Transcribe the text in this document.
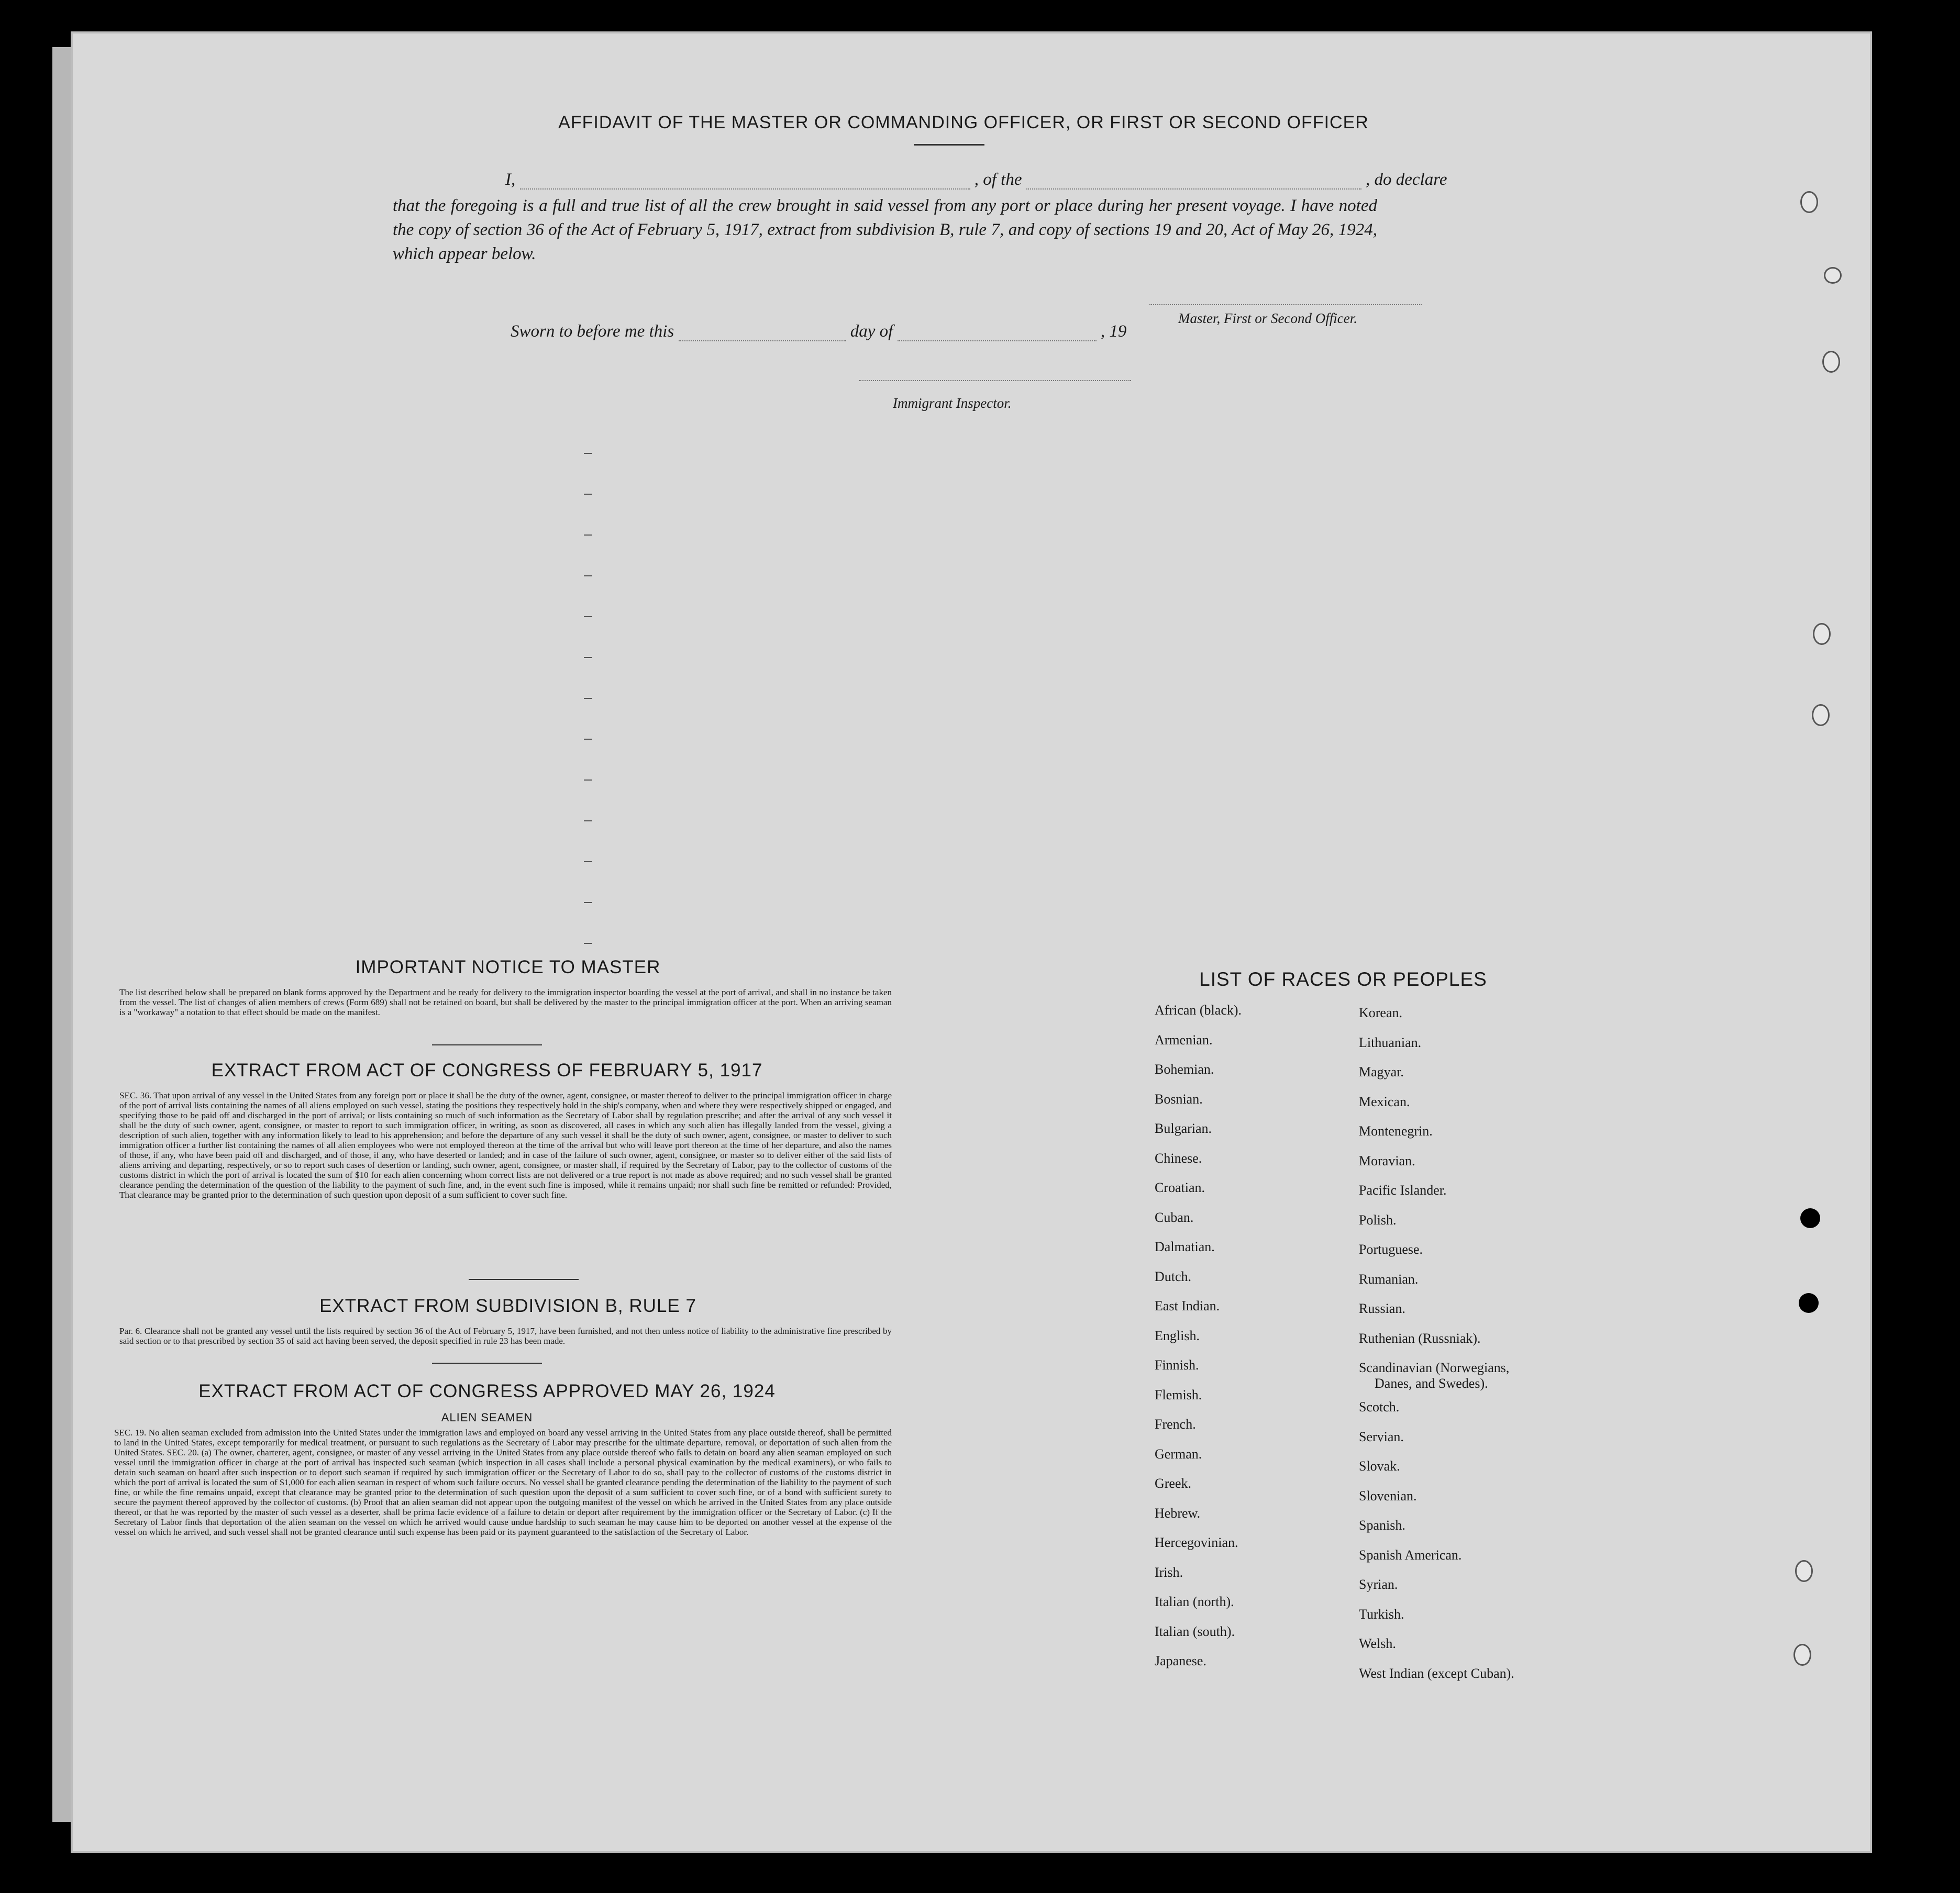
AFFIDAVIT OF THE MASTER OR COMMANDING OFFICER, OR FIRST OR SECOND OFFICER
I,	, of the	, do declare
that the foregoing is a full and true list of all the crew brought in said vessel from any port or place during her present voyage. I have noted the copy of section 36 of the Act of February 5, 1917, extract from subdivision B, rule 7, and copy of sections 19 and 20, Act of May 26, 1924, which appear below.
Master, First or Second Officer.
Sworn to before me this	day of	, 19
Immigrant Inspector.
IMPORTANT NOTICE TO MASTER
The list described below shall be prepared on blank forms approved by the Department and be ready for delivery to the immigration inspector boarding the vessel at the port of arrival, and shall in no instance be taken from the vessel. The list of changes of alien members of crews (Form 689) shall not be retained on board, but shall be delivered by the master to the principal immigration officer at the port. When an arriving seaman is a "workaway" a notation to that effect should be made on the manifest.
EXTRACT FROM ACT OF CONGRESS OF FEBRUARY 5, 1917
SEC. 36. That upon arrival of any vessel in the United States from any foreign port or place it shall be the duty of the owner, agent, consignee, or master thereof to deliver to the principal immigration officer in charge of the port of arrival lists containing the names of all aliens employed on such vessel, stating the positions they respectively hold in the ship's company, when and where they were respectively shipped or engaged, and specifying those to be paid off and discharged in the port of arrival; or lists containing so much of such information as the Secretary of Labor shall by regulation prescribe; and after the arrival of any such vessel it shall be the duty of such owner, agent, consignee, or master to report to such immigration officer, in writing, as soon as discovered, all cases in which any such alien has illegally landed from the vessel, giving a description of such alien, together with any information likely to lead to his apprehension; and before the departure of any such vessel it shall be the duty of such owner, agent, consignee, or master to deliver to such immigration officer a further list containing the names of all alien employees who were not employed thereon at the time of the arrival but who will leave port thereon at the time of her departure, and also the names of those, if any, who have been paid off and discharged, and of those, if any, who have deserted or landed; and in case of the failure of such owner, agent, consignee, or master so to deliver either of the said lists of aliens arriving and departing, respectively, or so to report such cases of desertion or landing, such owner, agent, consignee, or master shall, if required by the Secretary of Labor, pay to the collector of customs of the customs district in which the port of arrival is located the sum of $10 for each alien concerning whom correct lists are not delivered or a true report is not made as above required; and no such vessel shall be granted clearance pending the determination of the question of the liability to the payment of such fine, and, in the event such fine is imposed, while it remains unpaid; nor shall such fine be remitted or refunded: Provided, That clearance may be granted prior to the determination of such question upon deposit of a sum sufficient to cover such fine.
EXTRACT FROM SUBDIVISION B, RULE 7
Par. 6. Clearance shall not be granted any vessel until the lists required by section 36 of the Act of February 5, 1917, have been furnished, and not then unless notice of liability to the administrative fine prescribed by said section or to that prescribed by section 35 of said act having been served, the deposit specified in rule 23 has been made.
EXTRACT FROM ACT OF CONGRESS APPROVED MAY 26, 1924
ALIEN SEAMEN
SEC. 19. No alien seaman excluded from admission into the United States under the immigration laws and employed on board any vessel arriving in the United States from any place outside thereof, shall be permitted to land in the United States, except temporarily for medical treatment, or pursuant to such regulations as the Secretary of Labor may prescribe for the ultimate departure, removal, or deportation of such alien from the United States. SEC. 20. (a) The owner, charterer, agent, consignee, or master of any vessel arriving in the United States from any place outside thereof who fails to detain on board any alien seaman employed on such vessel until the immigration officer in charge at the port of arrival has inspected such seaman (which inspection in all cases shall include a personal physical examination by the medical examiners), or who fails to detain such seaman on board after such inspection or to deport such seaman if required by such immigration officer or the Secretary of Labor to do so, shall pay to the collector of customs of the customs district in which the port of arrival is located the sum of $1,000 for each alien seaman in respect of whom such failure occurs. No vessel shall be granted clearance pending the determination of the liability to the payment of such fine, or while the fine remains unpaid, except that clearance may be granted prior to the determination of such question upon the deposit of a sum sufficient to cover such fine, or of a bond with sufficient surety to secure the payment thereof approved by the collector of customs. (b) Proof that an alien seaman did not appear upon the outgoing manifest of the vessel on which he arrived in the United States from any place outside thereof, or that he was reported by the master of such vessel as a deserter, shall be prima facie evidence of a failure to detain or deport after requirement by the immigration officer or the Secretary of Labor. (c) If the Secretary of Labor finds that deportation of the alien seaman on the vessel on which he arrived would cause undue hardship to such seaman he may cause him to be deported on another vessel at the expense of the vessel on which he arrived, and such vessel shall not be granted clearance until such expense has been paid or its payment guaranteed to the satisfaction of the Secretary of Labor.
LIST OF RACES OR PEOPLES
African (black).
Armenian.
Bohemian.
Bosnian.
Bulgarian.
Chinese.
Croatian.
Cuban.
Dalmatian.
Dutch.
East Indian.
English.
Finnish.
Flemish.
French.
German.
Greek.
Hebrew.
Hercegovinian.
Irish.
Italian (north).
Italian (south).
Japanese.
Korean.
Lithuanian.
Magyar.
Mexican.
Montenegrin.
Moravian.
Pacific Islander.
Polish.
Portuguese.
Rumanian.
Russian.
Ruthenian (Russniak).
Scandinavian (Norwegians,
Danes, and Swedes).
Scotch.
Servian.
Slovak.
Slovenian.
Spanish.
Spanish American.
Syrian.
Turkish.
Welsh.
West Indian (except Cuban).
